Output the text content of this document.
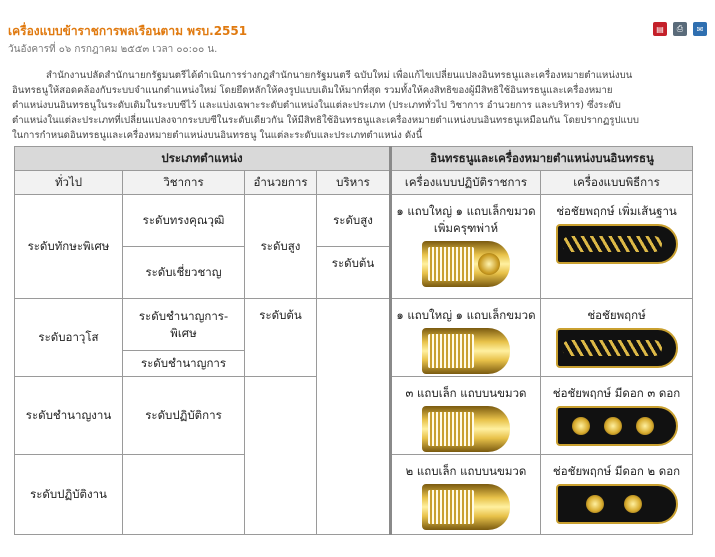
เครื่องแบบข้าราชการพลเรือนตาม พรบ.2551
วันอังคารที่ ๐๖ กรกฎาคม ๒๕๕๓ เวลา ๐๐:๐๐ น.
▤	⎙	✉
สำนักงานปลัดสำนักนายกรัฐมนตรีได้ดำเนินการร่างกฎสำนักนายกรัฐมนตรี ฉบับใหม่ เพื่อแก้ไขเปลี่ยนแปลงอินทรธนูและเครื่องหมายตำแหน่งบน
อินทรธนูให้สอดคล้องกับระบบจำแนกตำแหน่งใหม่ โดยยึดหลักให้คงรูปแบบเดิมให้มากที่สุด รวมทั้งให้คงสิทธิของผู้มีสิทธิใช้อินทรธนูและเครื่องหมาย
ตำแหน่งบนอินทรธนูในระดับเดิมในระบบซีไว้ และแบ่งเฉพาะระดับตำแหน่งในแต่ละประเภท (ประเภททั่วไป วิชาการ อำนวยการ และบริหาร) ซึ่งระดับ
ตำแหน่งในแต่ละประเภทที่เปลี่ยนแปลงจากระบบซีในระดับเดียวกัน ให้มีสิทธิใช้อินทรธนูและเครื่องหมายตำแหน่งบนอินทรธนูเหมือนกัน โดยปรากฏรูปแบบ
ในการกำหนดอินทรธนูและเครื่องหมายตำแหน่งบนอินทรธนู ในแต่ละระดับและประเภทตำแหน่ง ดังนี้
ประเภทตำแหน่ง				อินทรธนูและเครื่องหมายตำแหน่งบนอินทรธนู	
ทั่วไป	วิชาการ	อำนวยการ	บริหาร	เครื่องแบบปฏิบัติราชการ	เครื่องแบบพิธีการ
ระดับทักษะพิเศษ	ระดับทรงคุณวุฒิ	ระดับสูง	ระดับสูง	๑ แถบใหญ่ ๑ แถบเล็กขมวด เพิ่มครุฑพ่าห์	ช่อชัยพฤกษ์ เพิ่มเส้นฐาน

	ระดับเชี่ยวชาญ		ระดับต้น		
ระดับอาวุโส	ระดับชำนาญการ-พิเศษ	ระดับต้น		๑ แถบใหญ่ ๑ แถบเล็กขมวด	ช่อชัยพฤกษ์

	ระดับชำนาญการ				
ระดับชำนาญงาน	ระดับปฏิบัติการ			๓ แถบเล็ก แถบบนขมวด	ช่อชัยพฤกษ์ มีดอก ๓ ดอก

ระดับปฏิบัติงาน				๒ แถบเล็ก แถบบนขมวด	ช่อชัยพฤกษ์ มีดอก ๒ ดอก
